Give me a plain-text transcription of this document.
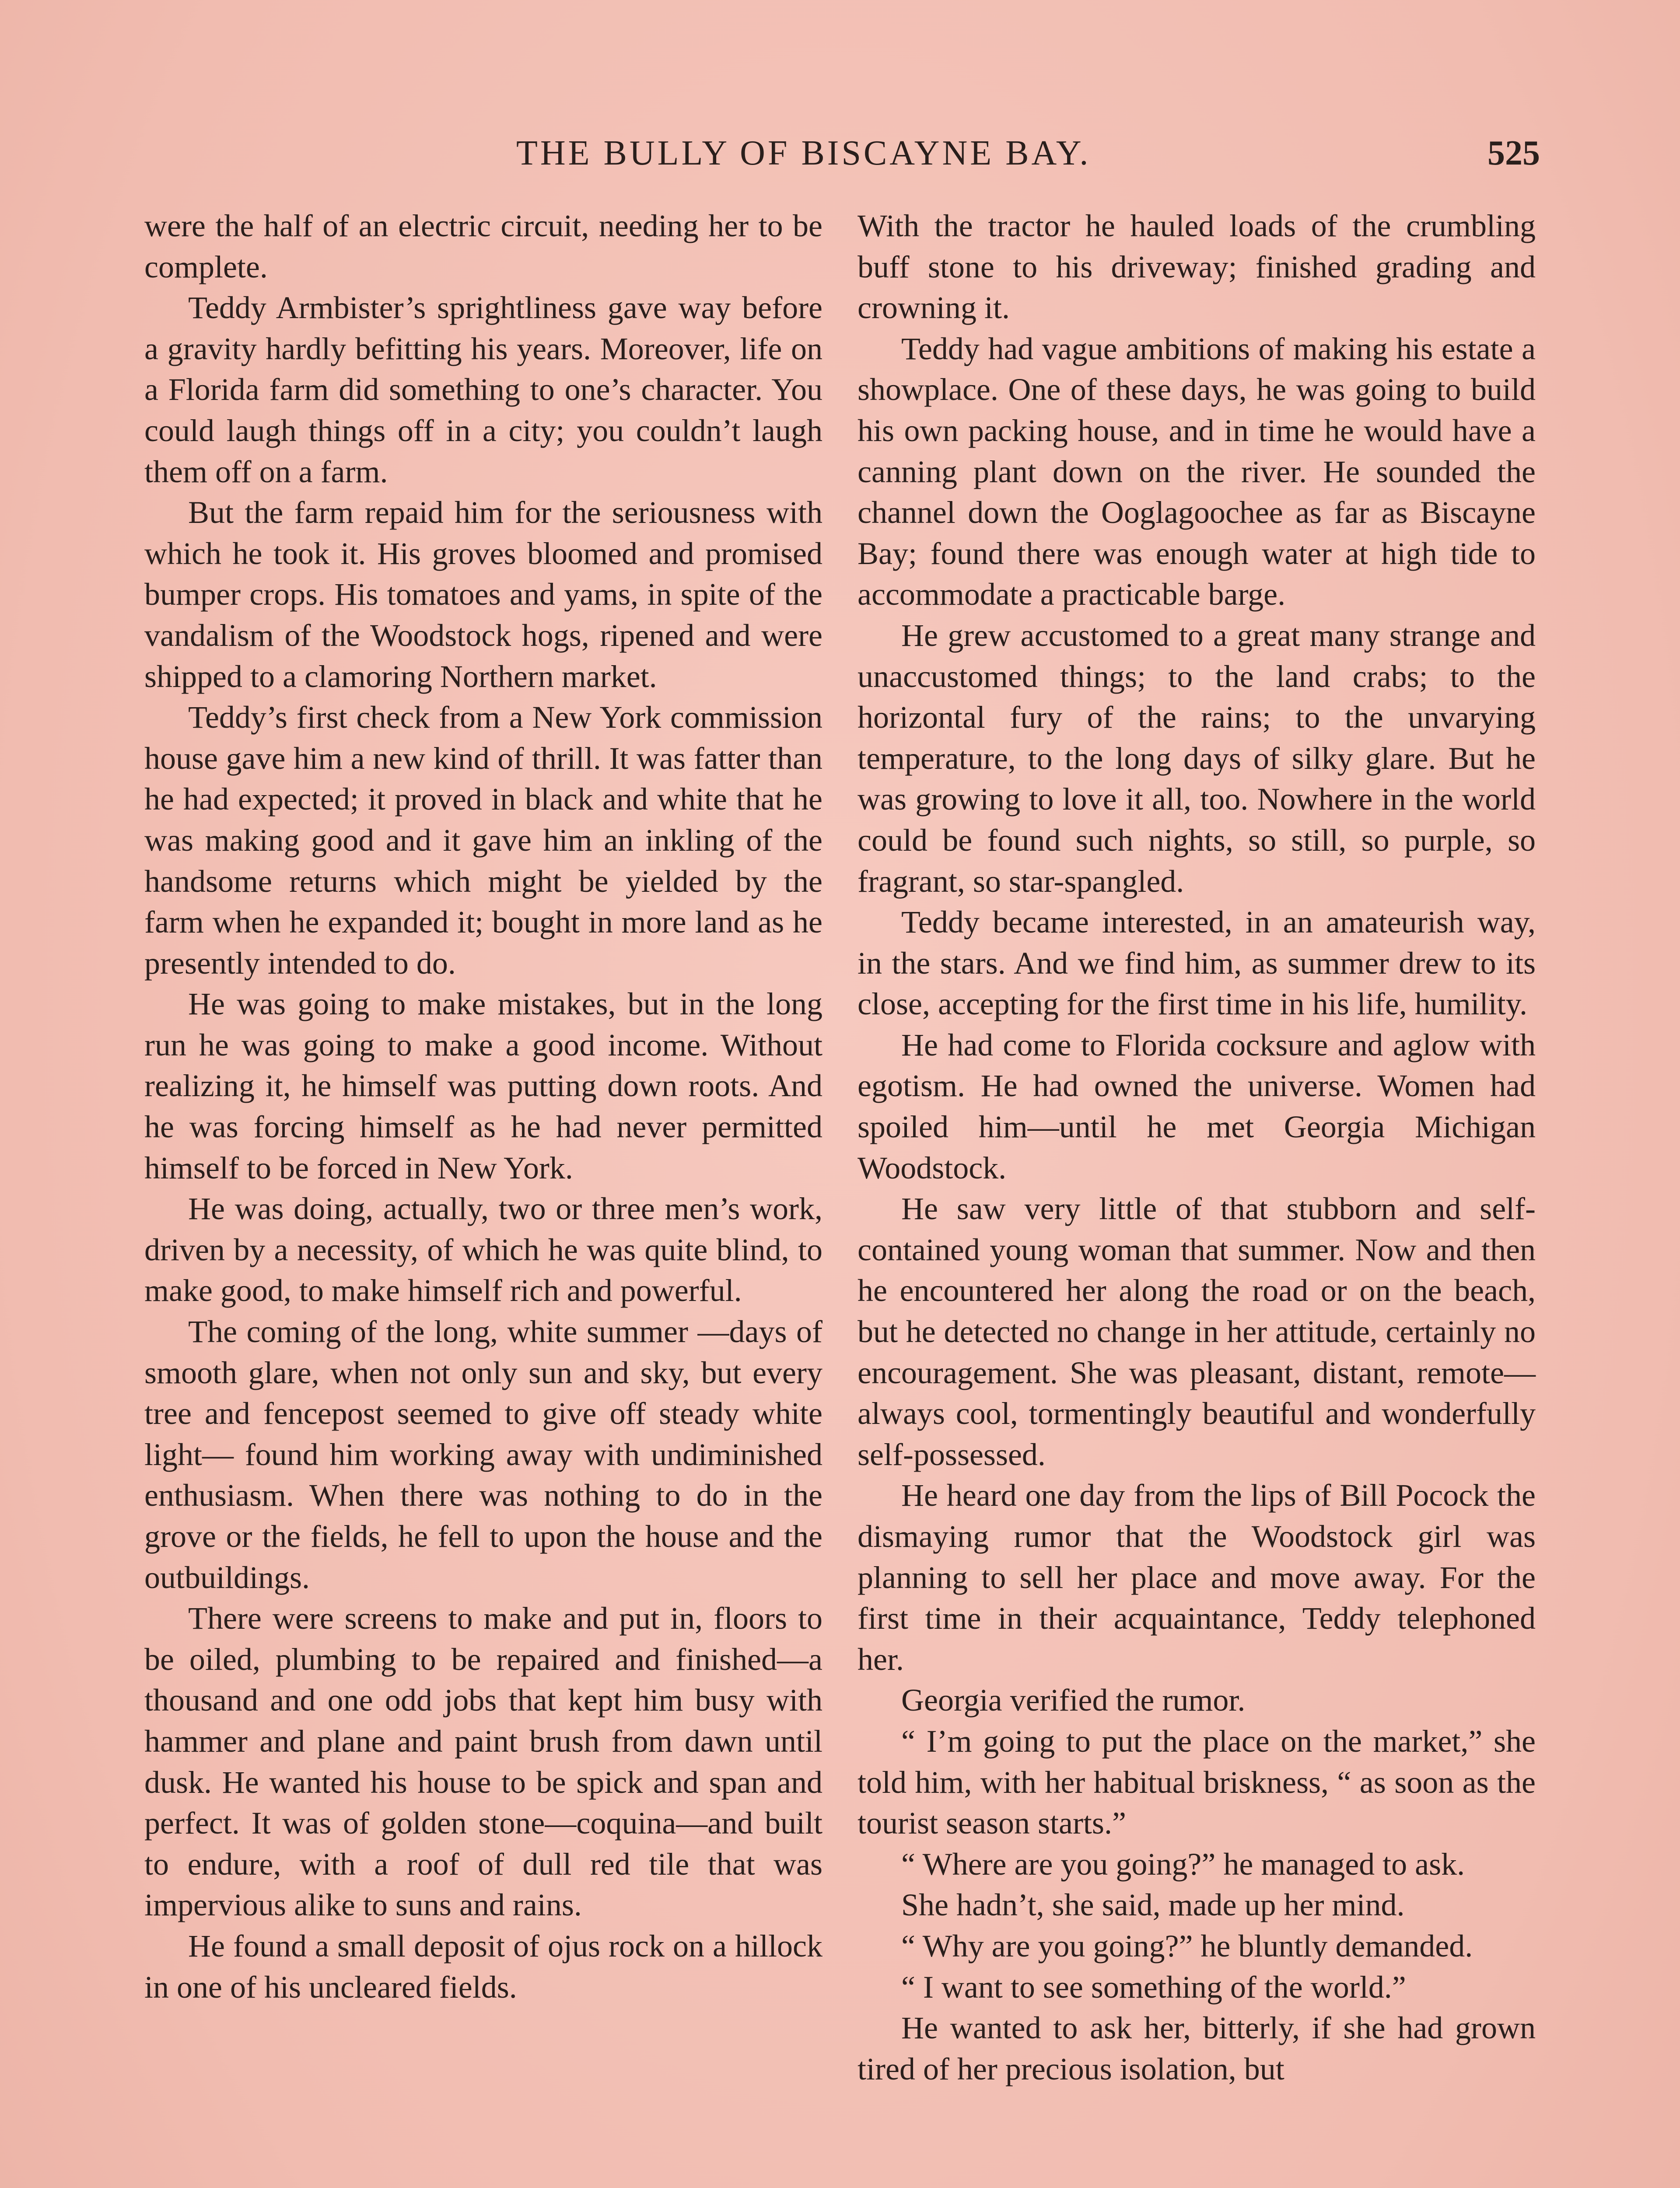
THE BULLY OF BISCAYNE BAY.	525

were the half of an electric circuit, needing her to be complete.

Teddy Armbister’s sprightliness gave way before a gravity hardly befitting his years. Moreover, life on a Florida farm did something to one’s character. You could laugh things off in a city; you couldn’t laugh them off on a farm.

But the farm repaid him for the seriousness with which he took it. His groves bloomed and promised bumper crops. His tomatoes and yams, in spite of the vandalism of the Woodstock hogs, ripened and were shipped to a clamoring Northern market.

Teddy’s first check from a New York commission house gave him a new kind of thrill. It was fatter than he had expected; it proved in black and white that he was making good and it gave him an inkling of the handsome returns which might be yielded by the farm when he expanded it; bought in more land as he presently intended to do.

He was going to make mistakes, but in the long run he was going to make a good income. Without realizing it, he himself was putting down roots. And he was forcing himself as he had never permitted himself to be forced in New York.

He was doing, actually, two or three men’s work, driven by a necessity, of which he was quite blind, to make good, to make himself rich and powerful.

The coming of the long, white summer —days of smooth glare, when not only sun and sky, but every tree and fencepost seemed to give off steady white light— found him working away with undiminished enthusiasm. When there was nothing to do in the grove or the fields, he fell to upon the house and the outbuildings.

There were screens to make and put in, floors to be oiled, plumbing to be repaired and finished—a thousand and one odd jobs that kept him busy with hammer and plane and paint brush from dawn until dusk. He wanted his house to be spick and span and perfect. It was of golden stone—coquina—and built to endure, with a roof of dull red tile that was impervious alike to suns and rains.

He found a small deposit of ojus rock on a hillock in one of his uncleared fields.

With the tractor he hauled loads of the crumbling buff stone to his driveway; finished grading and crowning it.

Teddy had vague ambitions of making his estate a showplace. One of these days, he was going to build his own packing house, and in time he would have a canning plant down on the river. He sounded the channel down the Ooglagoochee as far as Biscayne Bay; found there was enough water at high tide to accommodate a practicable barge.

He grew accustomed to a great many strange and unaccustomed things; to the land crabs; to the horizontal fury of the rains; to the unvarying temperature, to the long days of silky glare. But he was growing to love it all, too. Nowhere in the world could be found such nights, so still, so purple, so fragrant, so star-spangled.

Teddy became interested, in an amateurish way, in the stars. And we find him, as summer drew to its close, accepting for the first time in his life, humility.

He had come to Florida cocksure and aglow with egotism. He had owned the universe. Women had spoiled him—until he met Georgia Michigan Woodstock.

He saw very little of that stubborn and self-contained young woman that summer. Now and then he encountered her along the road or on the beach, but he detected no change in her attitude, certainly no encouragement. She was pleasant, distant, remote—always cool, tormentingly beautiful and wonderfully self-possessed.

He heard one day from the lips of Bill Pocock the dismaying rumor that the Woodstock girl was planning to sell her place and move away. For the first time in their acquaintance, Teddy telephoned her.

Georgia verified the rumor.

“ I’m going to put the place on the market,” she told him, with her habitual briskness, “ as soon as the tourist season starts.”

“ Where are you going?” he managed to ask.

She hadn’t, she said, made up her mind.

“ Why are you going?” he bluntly demanded.

“ I want to see something of the world.”

He wanted to ask her, bitterly, if she had grown tired of her precious isolation, but
